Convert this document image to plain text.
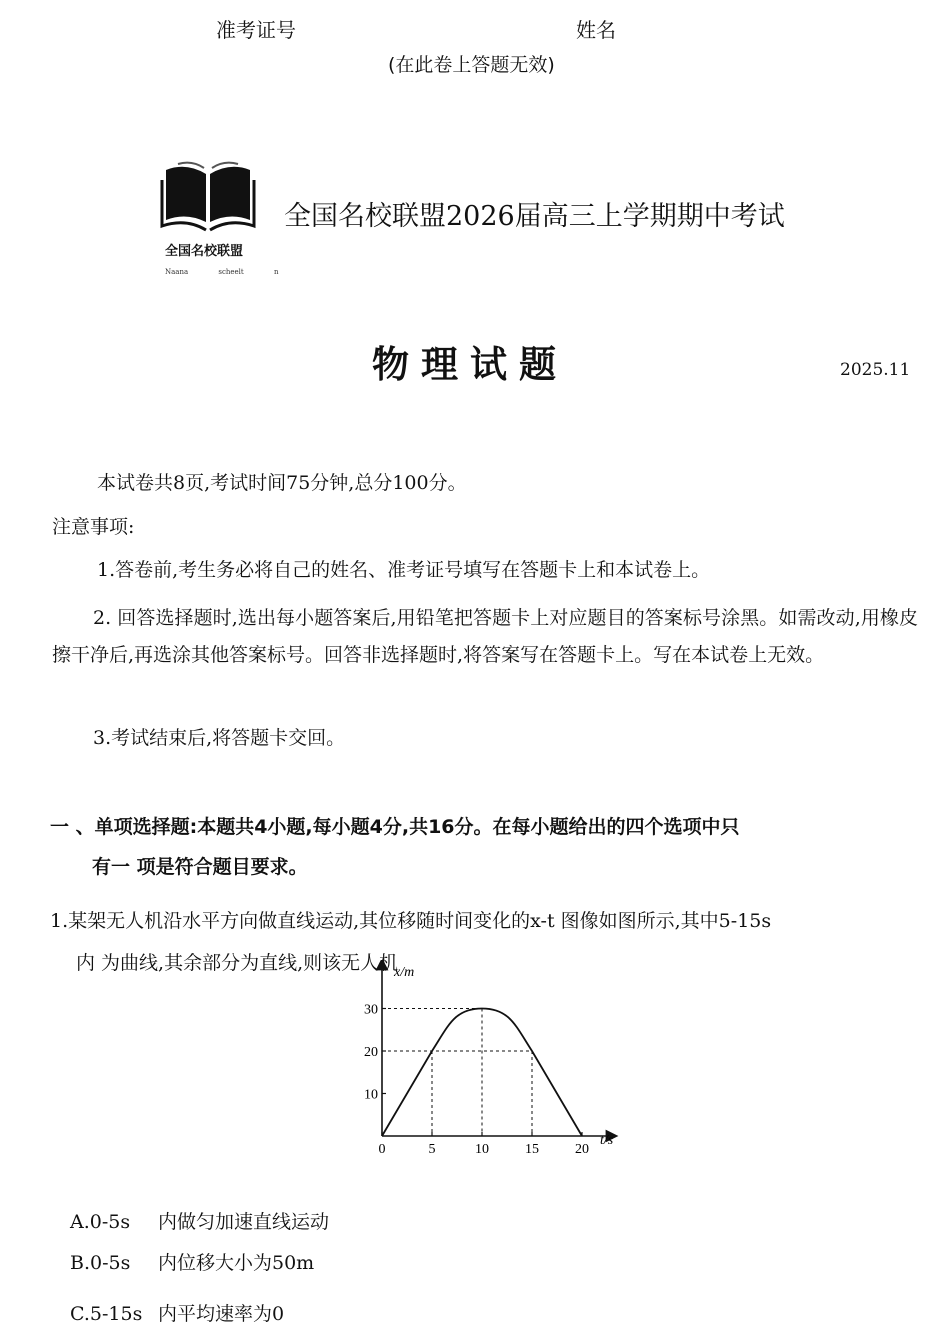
准考证号	姓名
(在此卷上答题无效)
全国名校联盟
Naana scheelt n
全国名校联盟2026届高三上学期期中考试
物理试题	2025.11
本试卷共8页,考试时间75分钟,总分100分。
注意事项:
1.答卷前,考生务必将自己的姓名、准考证号填写在答题卡上和本试卷上。
2. 回答选择题时,选出每小题答案后,用铅笔把答题卡上对应题目的答案标号涂黑。如需改动,用橡皮擦干净后,再选涂其他答案标号。回答非选择题时,将答案写在答题卡上。写在本试卷上无效。
3.考试结束后,将答题卡交回。
一 、单项选择题:本题共4小题,每小题4分,共16分。在每小题给出的四个选项中只
有一 项是符合题目要求。
1.某架无人机沿水平方向做直线运动,其位移随时间变化的x-t 图像如图所示,其中5-15s
内 为曲线,其余部分为直线,则该无人机
x/m
t/s
0	5	10	15	20
10
20
30
A.0-5s 内做匀加速直线运动
B.0-5s 内位移大小为50m
C.5-15s 内平均速率为0
